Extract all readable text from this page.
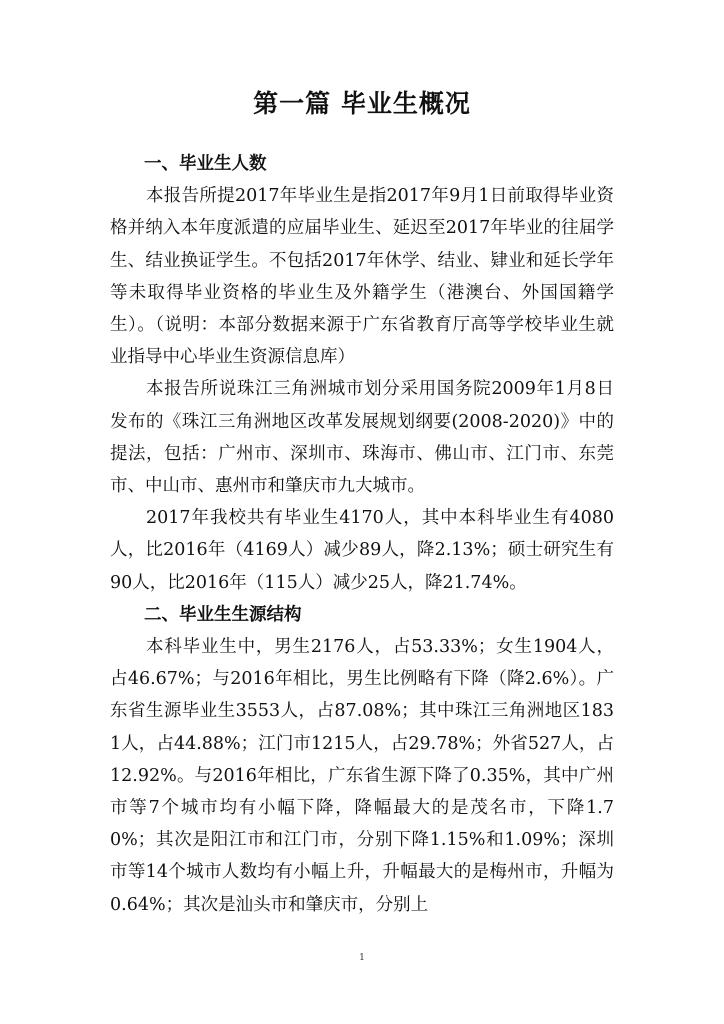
第一篇 毕业生概况
一、毕业生人数

本报告所提2017年毕业生是指2017年9月1日前取得毕业资格并纳入本年度派遣的应届毕业生、延迟至2017年毕业的往届学生、结业换证学生。不包括2017年休学、结业、肄业和延长学年等未取得毕业资格的毕业生及外籍学生（港澳台、外国国籍学生）。（说明：本部分数据来源于广东省教育厅高等学校毕业生就业指导中心毕业生资源信息库）

本报告所说珠江三角洲城市划分采用国务院2009年1月8日发布的《珠江三角洲地区改革发展规划纲要(2008-2020)》中的提法，包括：广州市、深圳市、珠海市、佛山市、江门市、东莞市、中山市、惠州市和肇庆市九大城市。

2017年我校共有毕业生4170人，其中本科毕业生有4080人，比2016年（4169人）减少89人，降2.13%；硕士研究生有90人，比2016年（115人）减少25人，降21.74%。

二、毕业生生源结构

本科毕业生中，男生2176人，占53.33%；女生1904人，占46.67%；与2016年相比，男生比例略有下降（降2.6%）。广东省生源毕业生3553人，占87.08%；其中珠江三角洲地区1831人，占44.88%；江门市1215人，占29.78%；外省527人，占12.92%。与2016年相比，广东省生源下降了0.35%，其中广州市等7个城市均有小幅下降，降幅最大的是茂名市，下降1.70%；其次是阳江市和江门市，分别下降1.15%和1.09%；深圳市等14个城市人数均有小幅上升，升幅最大的是梅州市，升幅为0.64%；其次是汕头市和肇庆市，分别上

1
